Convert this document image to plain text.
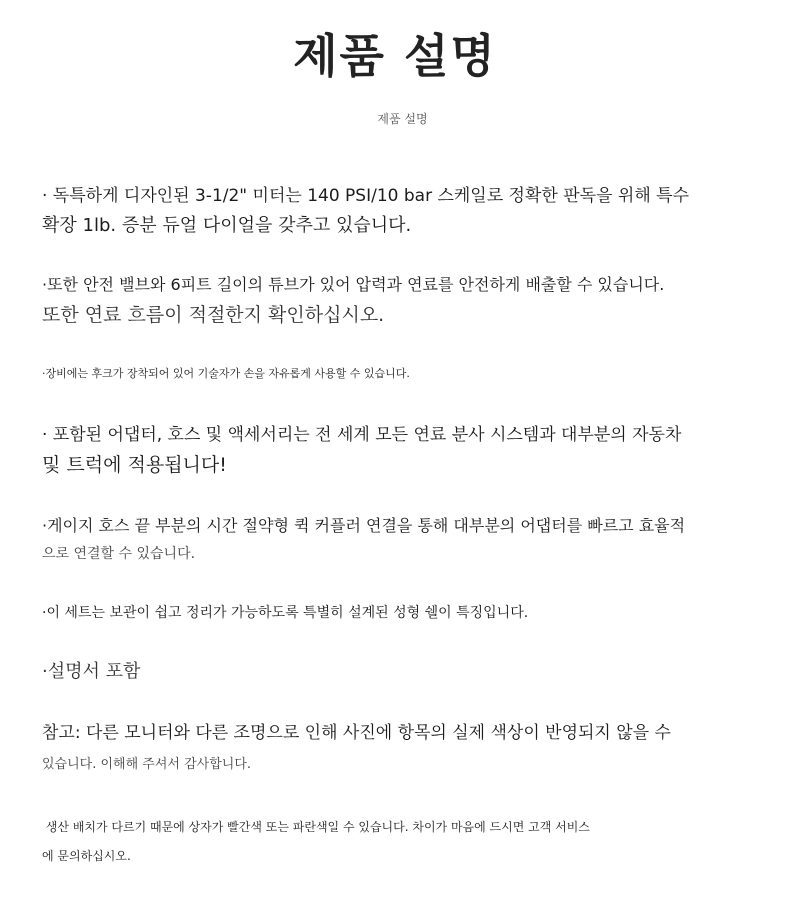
제품 설명
제품 설명
· 독특하게 디자인된 3-1/2" 미터는 140 PSI/10 bar 스케일로 정확한 판독을 위해 특수
확장 1lb. 증분 듀얼 다이얼을 갖추고 있습니다.
·또한 안전 밸브와 6피트 길이의 튜브가 있어 압력과 연료를 안전하게 배출할 수 있습니다.
또한 연료 흐름이 적절한지 확인하십시오.
·장비에는 후크가 장착되어 있어 기술자가 손을 자유롭게 사용할 수 있습니다.
· 포함된 어댑터, 호스 및 액세서리는 전 세계 모든 연료 분사 시스템과 대부분의 자동차
및 트럭에 적용됩니다!
·게이지 호스 끝 부분의 시간 절약형 퀵 커플러 연결을 통해 대부분의 어댑터를 빠르고 효율적
으로 연결할 수 있습니다.
·이 세트는 보관이 쉽고 정리가 가능하도록 특별히 설계된 성형 쉘이 특징입니다.
·설명서 포함
참고: 다른 모니터와 다른 조명으로 인해 사진에 항목의 실제 색상이 반영되지 않을 수
있습니다. 이해해 주셔서 감사합니다.
생산 배치가 다르기 때문에 상자가 빨간색 또는 파란색일 수 있습니다. 차이가 마음에 드시면 고객 서비스
에 문의하십시오.
